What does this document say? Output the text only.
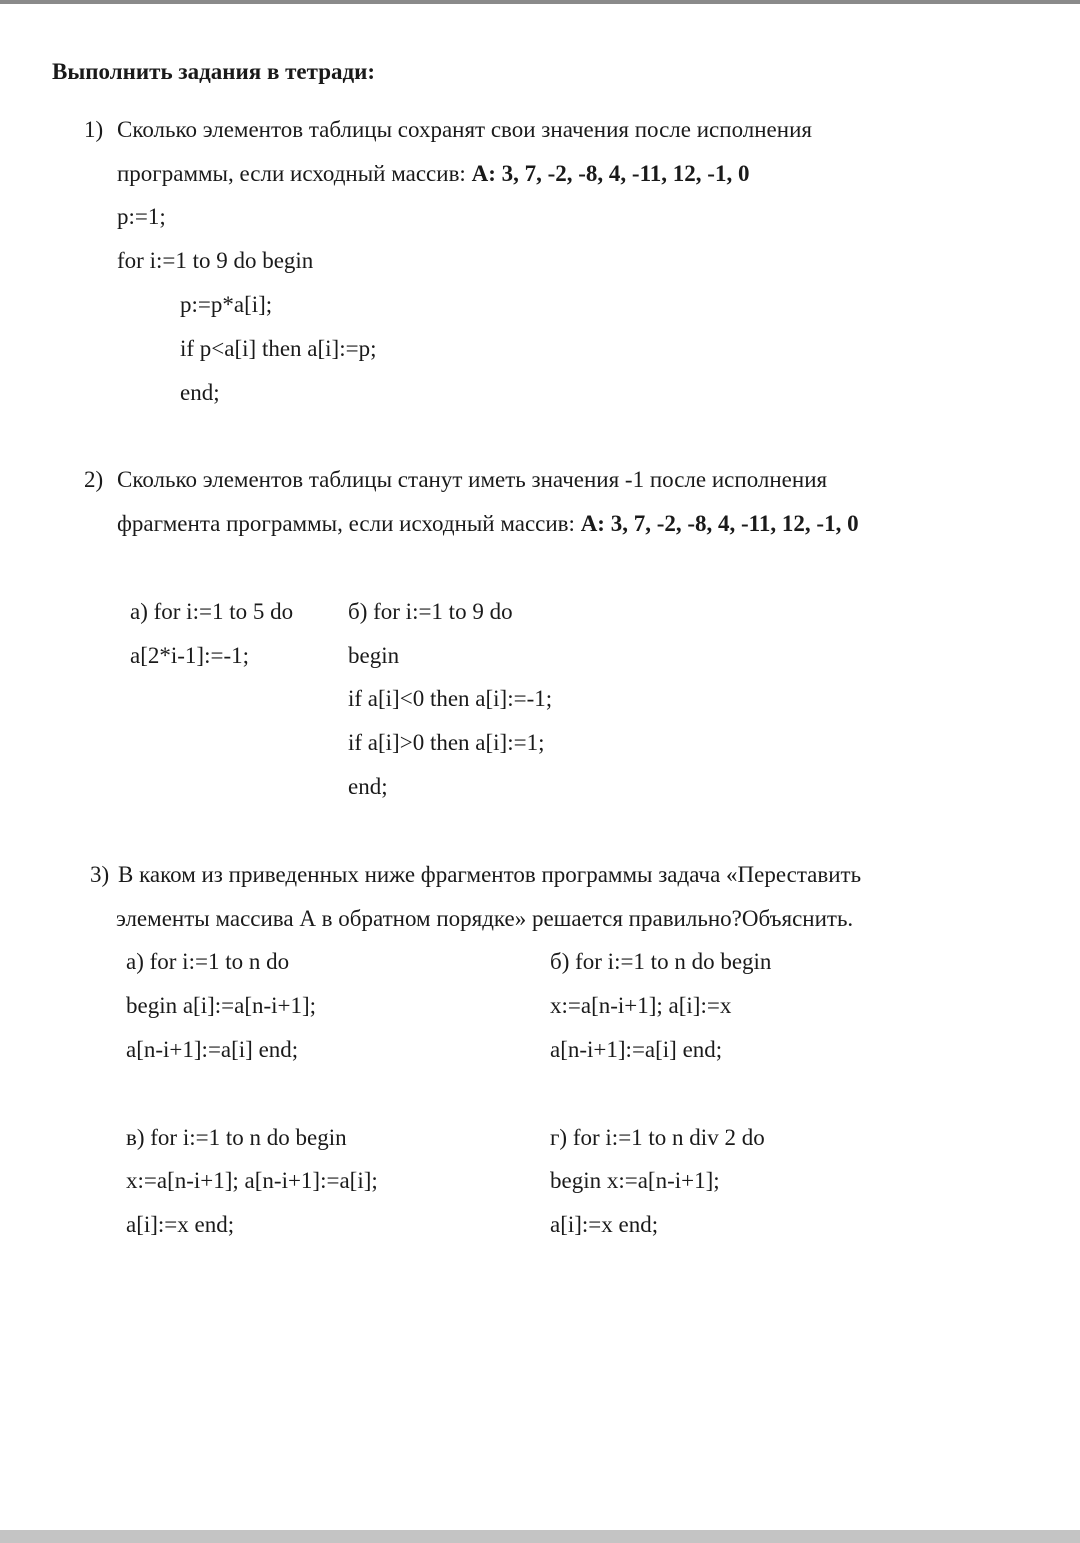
Выполнить задания в тетради:
1) Сколько элементов таблицы сохранят свои значения после исполнения
программы, если исходный массив: А: 3, 7, -2, -8, 4, -11, 12, -1, 0
p:=1;
for i:=1 to 9 do begin
p:=p*a[i];
if p<a[i] then a[i]:=p;
end;
2) Сколько элементов таблицы станут иметь значения -1 после исполнения
фрагмента программы, если исходный массив: А: 3, 7, -2, -8, 4, -11, 12, -1, 0
а) for i:=1 to 5 do
a[2*i-1]:=-1;
б) for i:=1 to 9 do
begin
if a[i]<0 then a[i]:=-1;
if a[i]>0 then a[i]:=1;
end;
3) В каком из приведенных ниже фрагментов программы задача «Переставить
элементы массива А в обратном порядке» решается правильно?Объяснить.
а) for i:=1 to n do
begin a[i]:=a[n-i+1];
a[n-i+1]:=a[i] end;
б) for i:=1 to n do begin
x:=a[n-i+1]; a[i]:=x
a[n-i+1]:=a[i] end;
в) for i:=1 to n do begin
x:=a[n-i+1]; a[n-i+1]:=a[i];
a[i]:=x end;
г) for i:=1 to n div 2 do
begin x:=a[n-i+1];
a[i]:=x end;
